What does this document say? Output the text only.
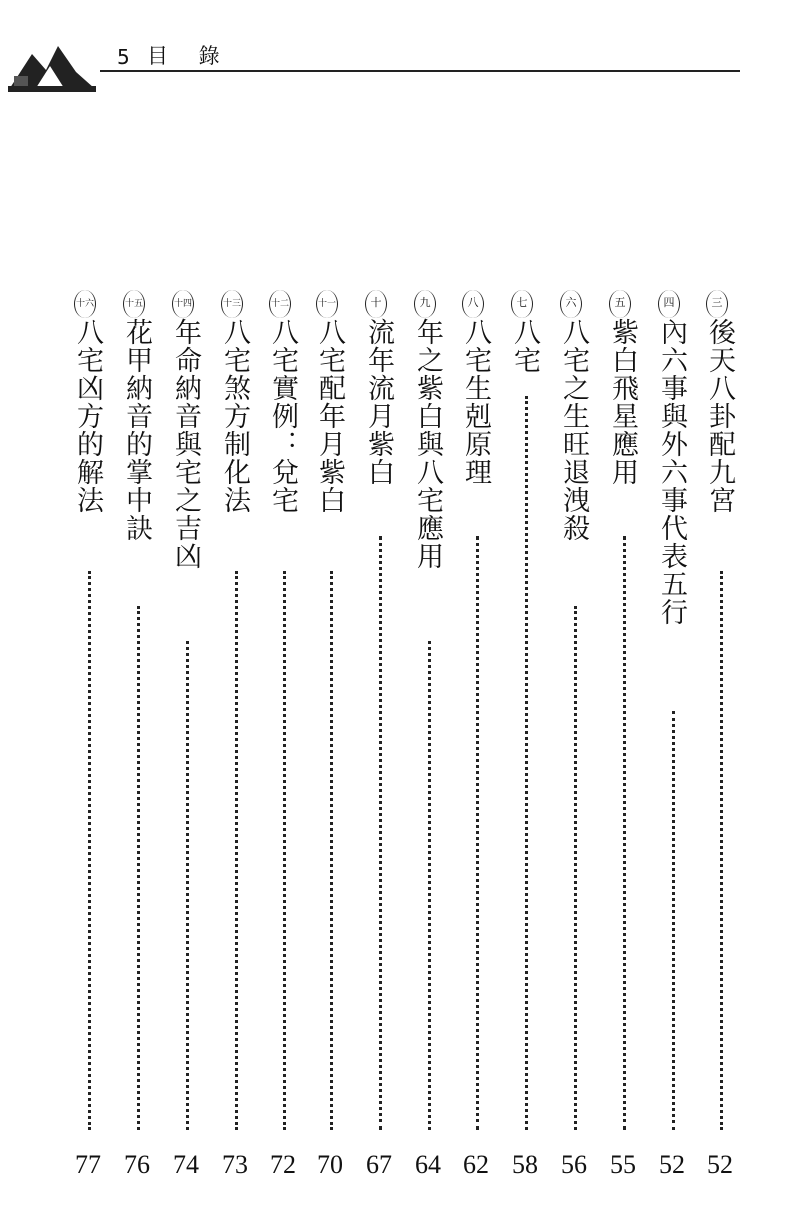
5 目 錄
三
後天八卦配九宮
52
四
內六事與外六事代表五行
52
五
紫白飛星應用
55
六
八宅之生旺退洩殺
56
七
八宅
58
八
八宅生剋原理
62
九
年之紫白與八宅應用
64
十
流年流月紫白
67
十一
八宅配年月紫白
70
十二
八宅實例：兌宅
72
十三
八宅煞方制化法
73
十四
年命納音與宅之吉凶
74
十五
花甲納音的掌中訣
76
十六
八宅凶方的解法
77
